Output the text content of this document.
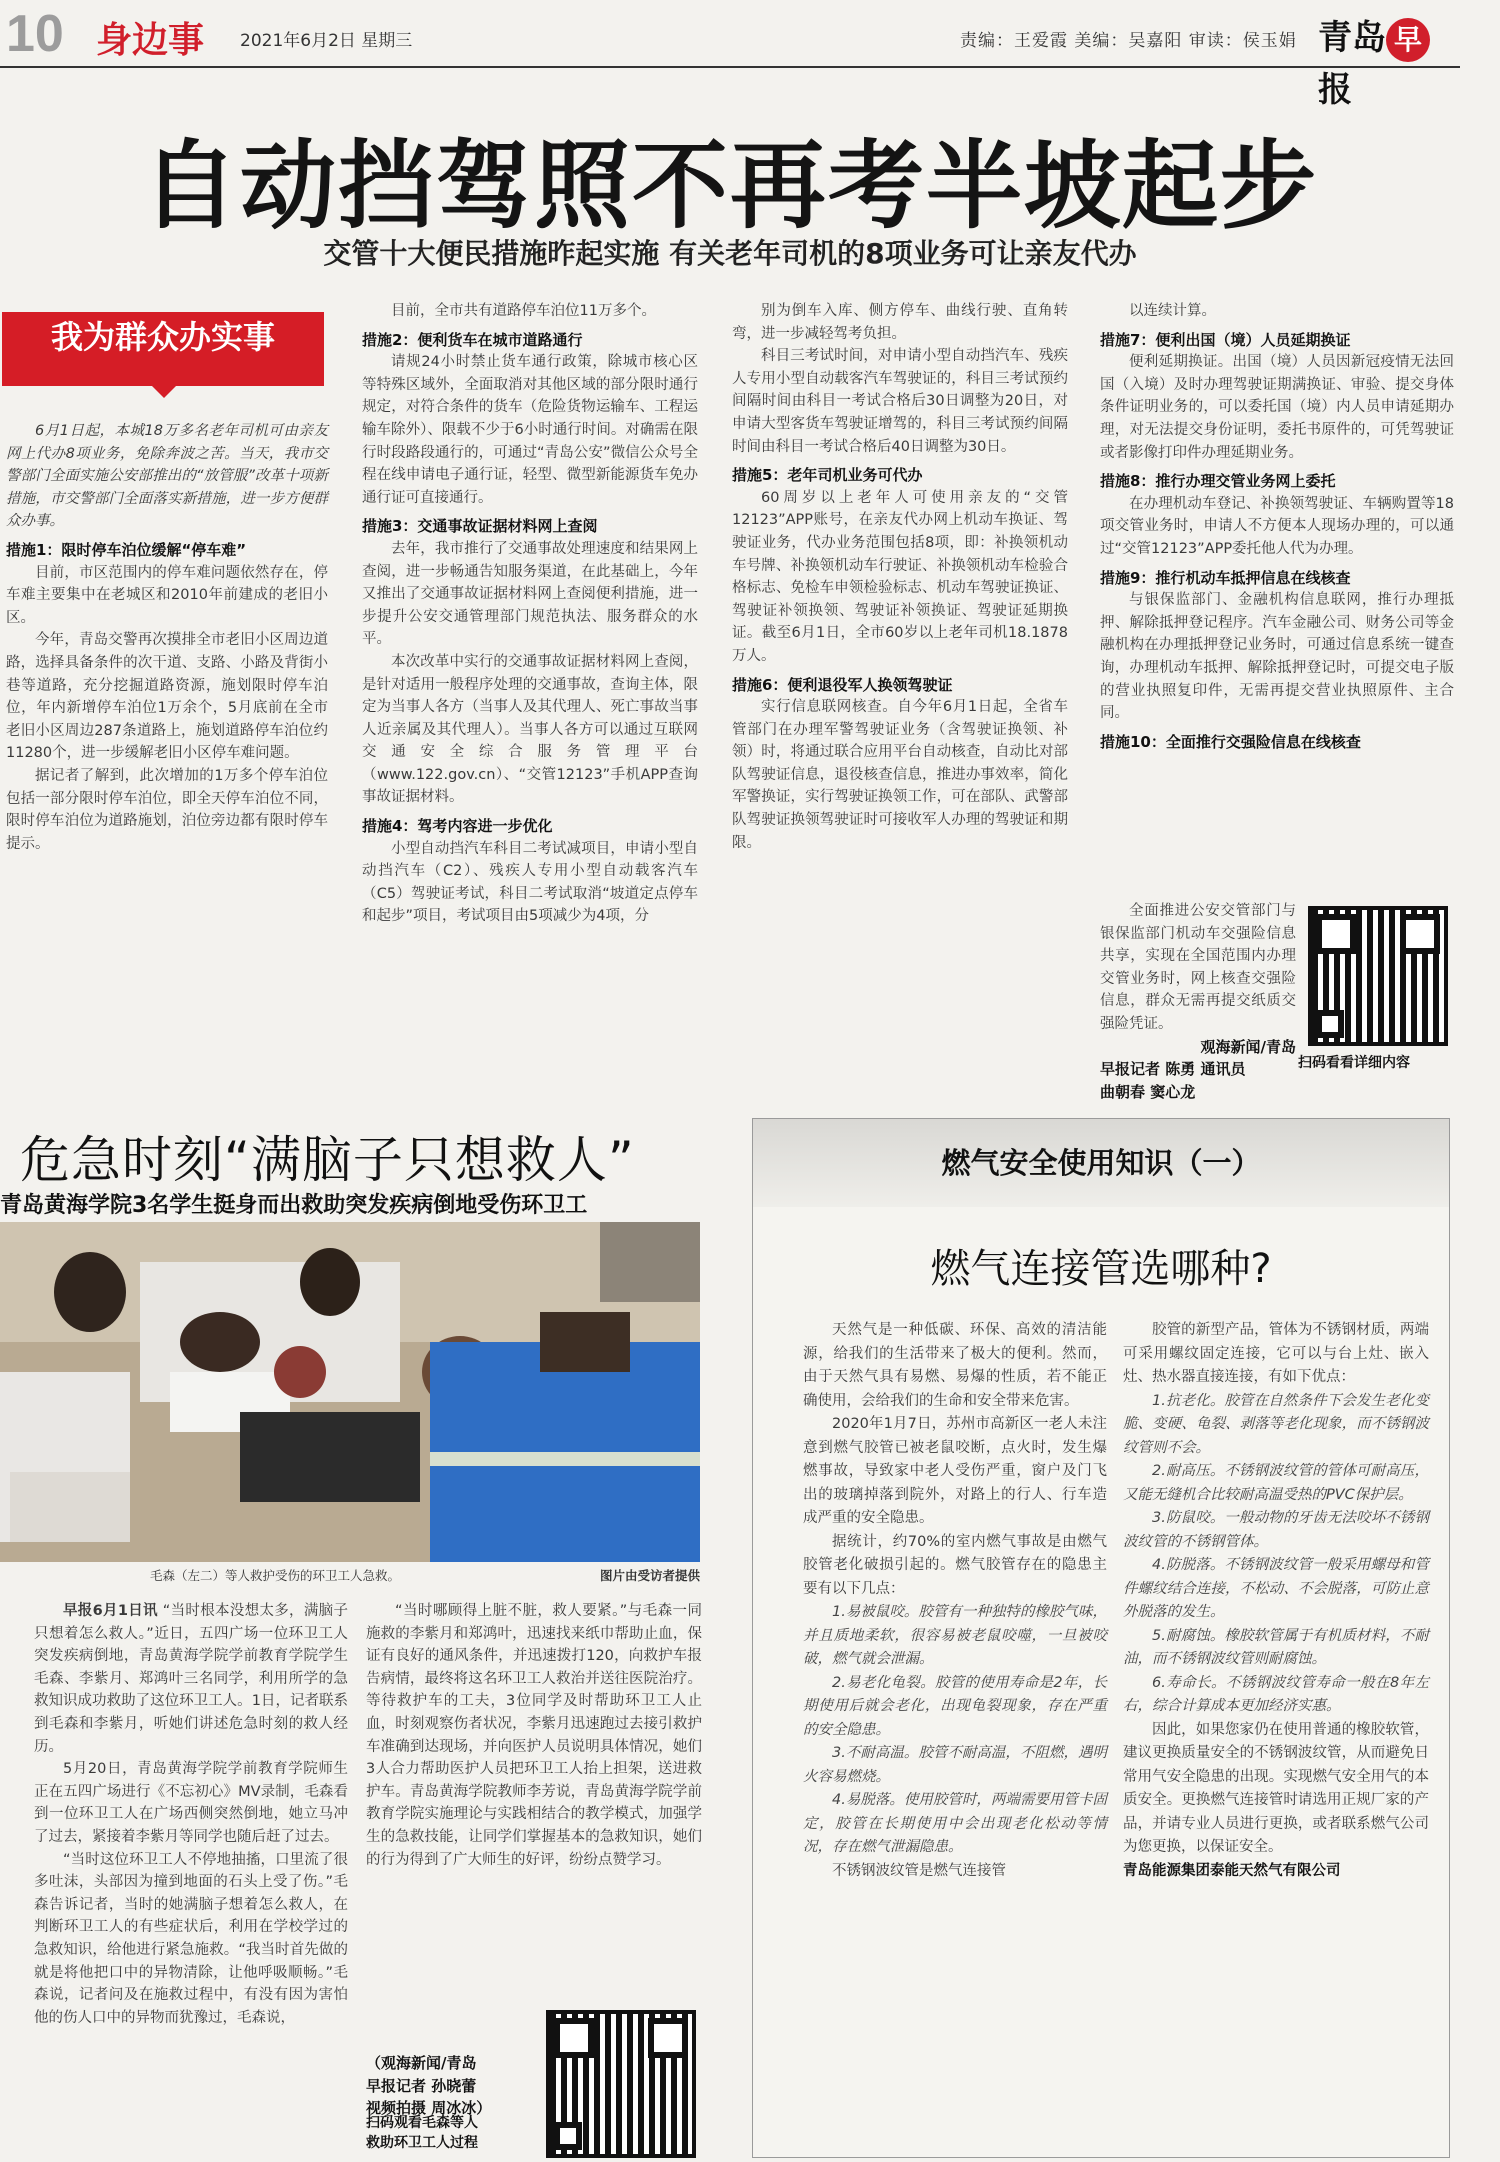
10 身边事 2021年6月2日 星期三	责编：王爱霞 美编：吴嘉阳 审读：侯玉娟 青岛 早报
自动挡驾照不再考半坡起步
交管十大便民措施昨起实施 有关老年司机的8项业务可让亲友代办
我为群众办实事

6月1日起，本城18万多名老年司机可由亲友网上代办8项业务，免除奔波之苦。当天，我市交警部门全面实施公安部推出的“放管服”改革十项新措施，市交警部门全面落实新措施，进一步方便群众办事。

措施1：限时停车泊位缓解“停车难”

目前，市区范围内的停车难问题依然存在，停车难主要集中在老城区和2010年前建成的老旧小区。

今年，青岛交警再次摸排全市老旧小区周边道路，选择具备条件的次干道、支路、小路及背街小巷等道路，充分挖掘道路资源，施划限时停车泊位，年内新增停车泊位1万余个，5月底前在全市老旧小区周边287条道路上，施划道路停车泊位约11280个，进一步缓解老旧小区停车难问题。

据记者了解到，此次增加的1万多个停车泊位包括一部分限时停车泊位，即全天停车泊位不同，限时停车泊位为道路施划，泊位旁边都有限时停车提示。

目前，全市共有道路停车泊位11万多个。

措施2：便利货车在城市道路通行

请规24小时禁止货车通行政策，除城市核心区等特殊区域外，全面取消对其他区域的部分限时通行规定，对符合条件的货车（危险货物运输车、工程运输车除外）、限载不少于6小时通行时间。对确需在限行时段路段通行的，可通过“青岛公安”微信公众号全程在线申请电子通行证，轻型、微型新能源货车免办通行证可直接通行。

措施3：交通事故证据材料网上查阅

去年，我市推行了交通事故处理速度和结果网上查阅，进一步畅通告知服务渠道，在此基础上，今年又推出了交通事故证据材料网上查阅便利措施，进一步提升公安交通管理部门规范执法、服务群众的水平。

本次改革中实行的交通事故证据材料网上查阅，是针对适用一般程序处理的交通事故，查询主体，限定为当事人各方（当事人及其代理人、死亡事故当事人近亲属及其代理人）。当事人各方可以通过互联网交通安全综合服务管理平台（www.122.gov.cn）、“交管12123”手机APP查询事故证据材料。

措施4：驾考内容进一步优化

小型自动挡汽车科目二考试减项目，申请小型自动挡汽车（C2）、残疾人专用小型自动载客汽车（C5）驾驶证考试，科目二考试取消“坡道定点停车和起步”项目，考试项目由5项减少为4项，分

别为倒车入库、侧方停车、曲线行驶、直角转弯，进一步减轻驾考负担。

科目三考试时间，对申请小型自动挡汽车、残疾人专用小型自动载客汽车驾驶证的，科目三考试预约间隔时间由科目一考试合格后30日调整为20日，对申请大型客货车驾驶证增驾的，科目三考试预约间隔时间由科目一考试合格后40日调整为30日。

措施5：老年司机业务可代办

60周岁以上老年人可使用亲友的“交管12123”APP账号，在亲友代办网上机动车换证、驾驶证业务，代办业务范围包括8项，即：补换领机动车号牌、补换领机动车行驶证、补换领机动车检验合格标志、免检车申领检验标志、机动车驾驶证换证、驾驶证补领换领、驾驶证补领换证、驾驶证延期换证。截至6月1日，全市60岁以上老年司机18.1878万人。

措施6：便利退役军人换领驾驶证

实行信息联网核查。自今年6月1日起，全省车管部门在办理军警驾驶证业务（含驾驶证换领、补领）时，将通过联合应用平台自动核查，自动比对部队驾驶证信息，退役核查信息，推进办事效率，简化军警换证，实行驾驶证换领工作，可在部队、武警部队驾驶证换领驾驶证时可接收军人办理的驾驶证和期限。

以连续计算。

措施7：便利出国（境）人员延期换证

便利延期换证。出国（境）人员因新冠疫情无法回国（入境）及时办理驾驶证期满换证、审验、提交身体条件证明业务的，可以委托国（境）内人员申请延期办理，对无法提交身份证明，委托书原件的，可凭驾驶证或者影像打印件办理延期业务。

措施8：推行办理交管业务网上委托

在办理机动车登记、补换领驾驶证、车辆购置等18项交管业务时，申请人不方便本人现场办理的，可以通过“交管12123”APP委托他人代为办理。

措施9：推行机动车抵押信息在线核查

与银保监部门、金融机构信息联网，推行办理抵押、解除抵押登记程序。汽车金融公司、财务公司等金融机构在办理抵押登记业务时，可通过信息系统一键查询，办理机动车抵押、解除抵押登记时，可提交电子版的营业执照复印件，无需再提交营业执照原件、主合同。

措施10：全面推行交强险信息在线核查

全面推进公安交管部门与银保监部门机动车交强险信息共享，实现在全国范围内办理交管业务时，网上核查交强险信息，群众无需再提交纸质交强险凭证。

观海新闻/青岛

早报记者 陈勇 通讯员

曲朝春 窦心龙

扫码看看详细内容
危急时刻“满脑子只想救人”
青岛黄海学院3名学生挺身而出救助突发疾病倒地受伤环卫工
毛森（左二）等人救护受伤的环卫工人急救。	图片由受访者提供

早报6月1日讯 “当时根本没想太多，满脑子只想着怎么救人。”近日，五四广场一位环卫工人突发疾病倒地，青岛黄海学院学前教育学院学生毛森、李紫月、郑鸿叶三名同学，利用所学的急救知识成功救助了这位环卫工人。1日，记者联系到毛森和李紫月，听她们讲述危急时刻的救人经历。

5月20日，青岛黄海学院学前教育学院师生正在五四广场进行《不忘初心》MV录制，毛森看到一位环卫工人在广场西侧突然倒地，她立马冲了过去，紧接着李紫月等同学也随后赶了过去。

“当时这位环卫工人不停地抽搐，口里流了很多吐沫，头部因为撞到地面的石头上受了伤。”毛森告诉记者，当时的她满脑子想着怎么救人，在判断环卫工人的有些症状后，利用在学校学过的急救知识，给他进行紧急施救。“我当时首先做的就是将他把口中的异物清除，让他呼吸顺畅。”毛森说，记者问及在施救过程中，有没有因为害怕他的伤人口中的异物而犹豫过，毛森说，

“当时哪顾得上脏不脏，救人要紧。”与毛森一同施救的李紫月和郑鸿叶，迅速找来纸巾帮助止血，保证有良好的通风条件，并迅速拨打120，向救护车报告病情，最终将这名环卫工人救治并送往医院治疗。等待救护车的工夫，3位同学及时帮助环卫工人止血，时刻观察伤者状况，李紫月迅速跑过去接引救护车准确到达现场，并向医护人员说明具体情况，她们3人合力帮助医护人员把环卫工人抬上担架，送进救护车。青岛黄海学院教师李芳说，青岛黄海学院学前教育学院实施理论与实践相结合的教学模式，加强学生的急救技能，让同学们掌握基本的急救知识，她们的行为得到了广大师生的好评，纷纷点赞学习。

（观海新闻/青岛

早报记者 孙晓蕾

视频拍摄 周冰冰）

扫码观看毛森等人
救助环卫工人过程
燃气安全使用知识（一）
燃气连接管选哪种?

天然气是一种低碳、环保、高效的清洁能源，给我们的生活带来了极大的便利。然而，由于天然气具有易燃、易爆的性质，若不能正确使用，会给我们的生命和安全带来危害。

2020年1月7日，苏州市高新区一老人未注意到燃气胶管已被老鼠咬断，点火时，发生爆燃事故，导致家中老人受伤严重，窗户及门飞出的玻璃掉落到院外，对路上的行人、行车造成严重的安全隐患。

据统计，约70%的室内燃气事故是由燃气胶管老化破损引起的。燃气胶管存在的隐患主要有以下几点：

1.易被鼠咬。胶管有一种独特的橡胶气味，并且质地柔软，很容易被老鼠咬噬，一旦被咬破，燃气就会泄漏。

2.易老化龟裂。胶管的使用寿命是2年，长期使用后就会老化，出现龟裂现象，存在严重的安全隐患。

3.不耐高温。胶管不耐高温，不阻燃，遇明火容易燃烧。

4.易脱落。使用胶管时，两端需要用管卡固定，胶管在长期使用中会出现老化松动等情况，存在燃气泄漏隐患。

不锈钢波纹管是燃气连接管

胶管的新型产品，管体为不锈钢材质，两端可采用螺纹固定连接，它可以与台上灶、嵌入灶、热水器直接连接，有如下优点：

1.抗老化。胶管在自然条件下会发生老化变脆、变硬、龟裂、剥落等老化现象，而不锈钢波纹管则不会。

2.耐高压。不锈钢波纹管的管体可耐高压，又能无缝机合比较耐高温受热的PVC保护层。

3.防鼠咬。一般动物的牙齿无法咬坏不锈钢波纹管的不锈钢管体。

4.防脱落。不锈钢波纹管一般采用螺母和管件螺纹结合连接，不松动、不会脱落，可防止意外脱落的发生。

5.耐腐蚀。橡胶软管属于有机质材料，不耐油，而不锈钢波纹管则耐腐蚀。

6.寿命长。不锈钢波纹管寿命一般在8年左右，综合计算成本更加经济实惠。

因此，如果您家仍在使用普通的橡胶软管，建议更换质量安全的不锈钢波纹管，从而避免日常用气安全隐患的出现。实现燃气安全用气的本质安全。更换燃气连接管时请选用正规厂家的产品，并请专业人员进行更换，或者联系燃气公司为您更换，以保证安全。

青岛能源集团泰能天然气有限公司
